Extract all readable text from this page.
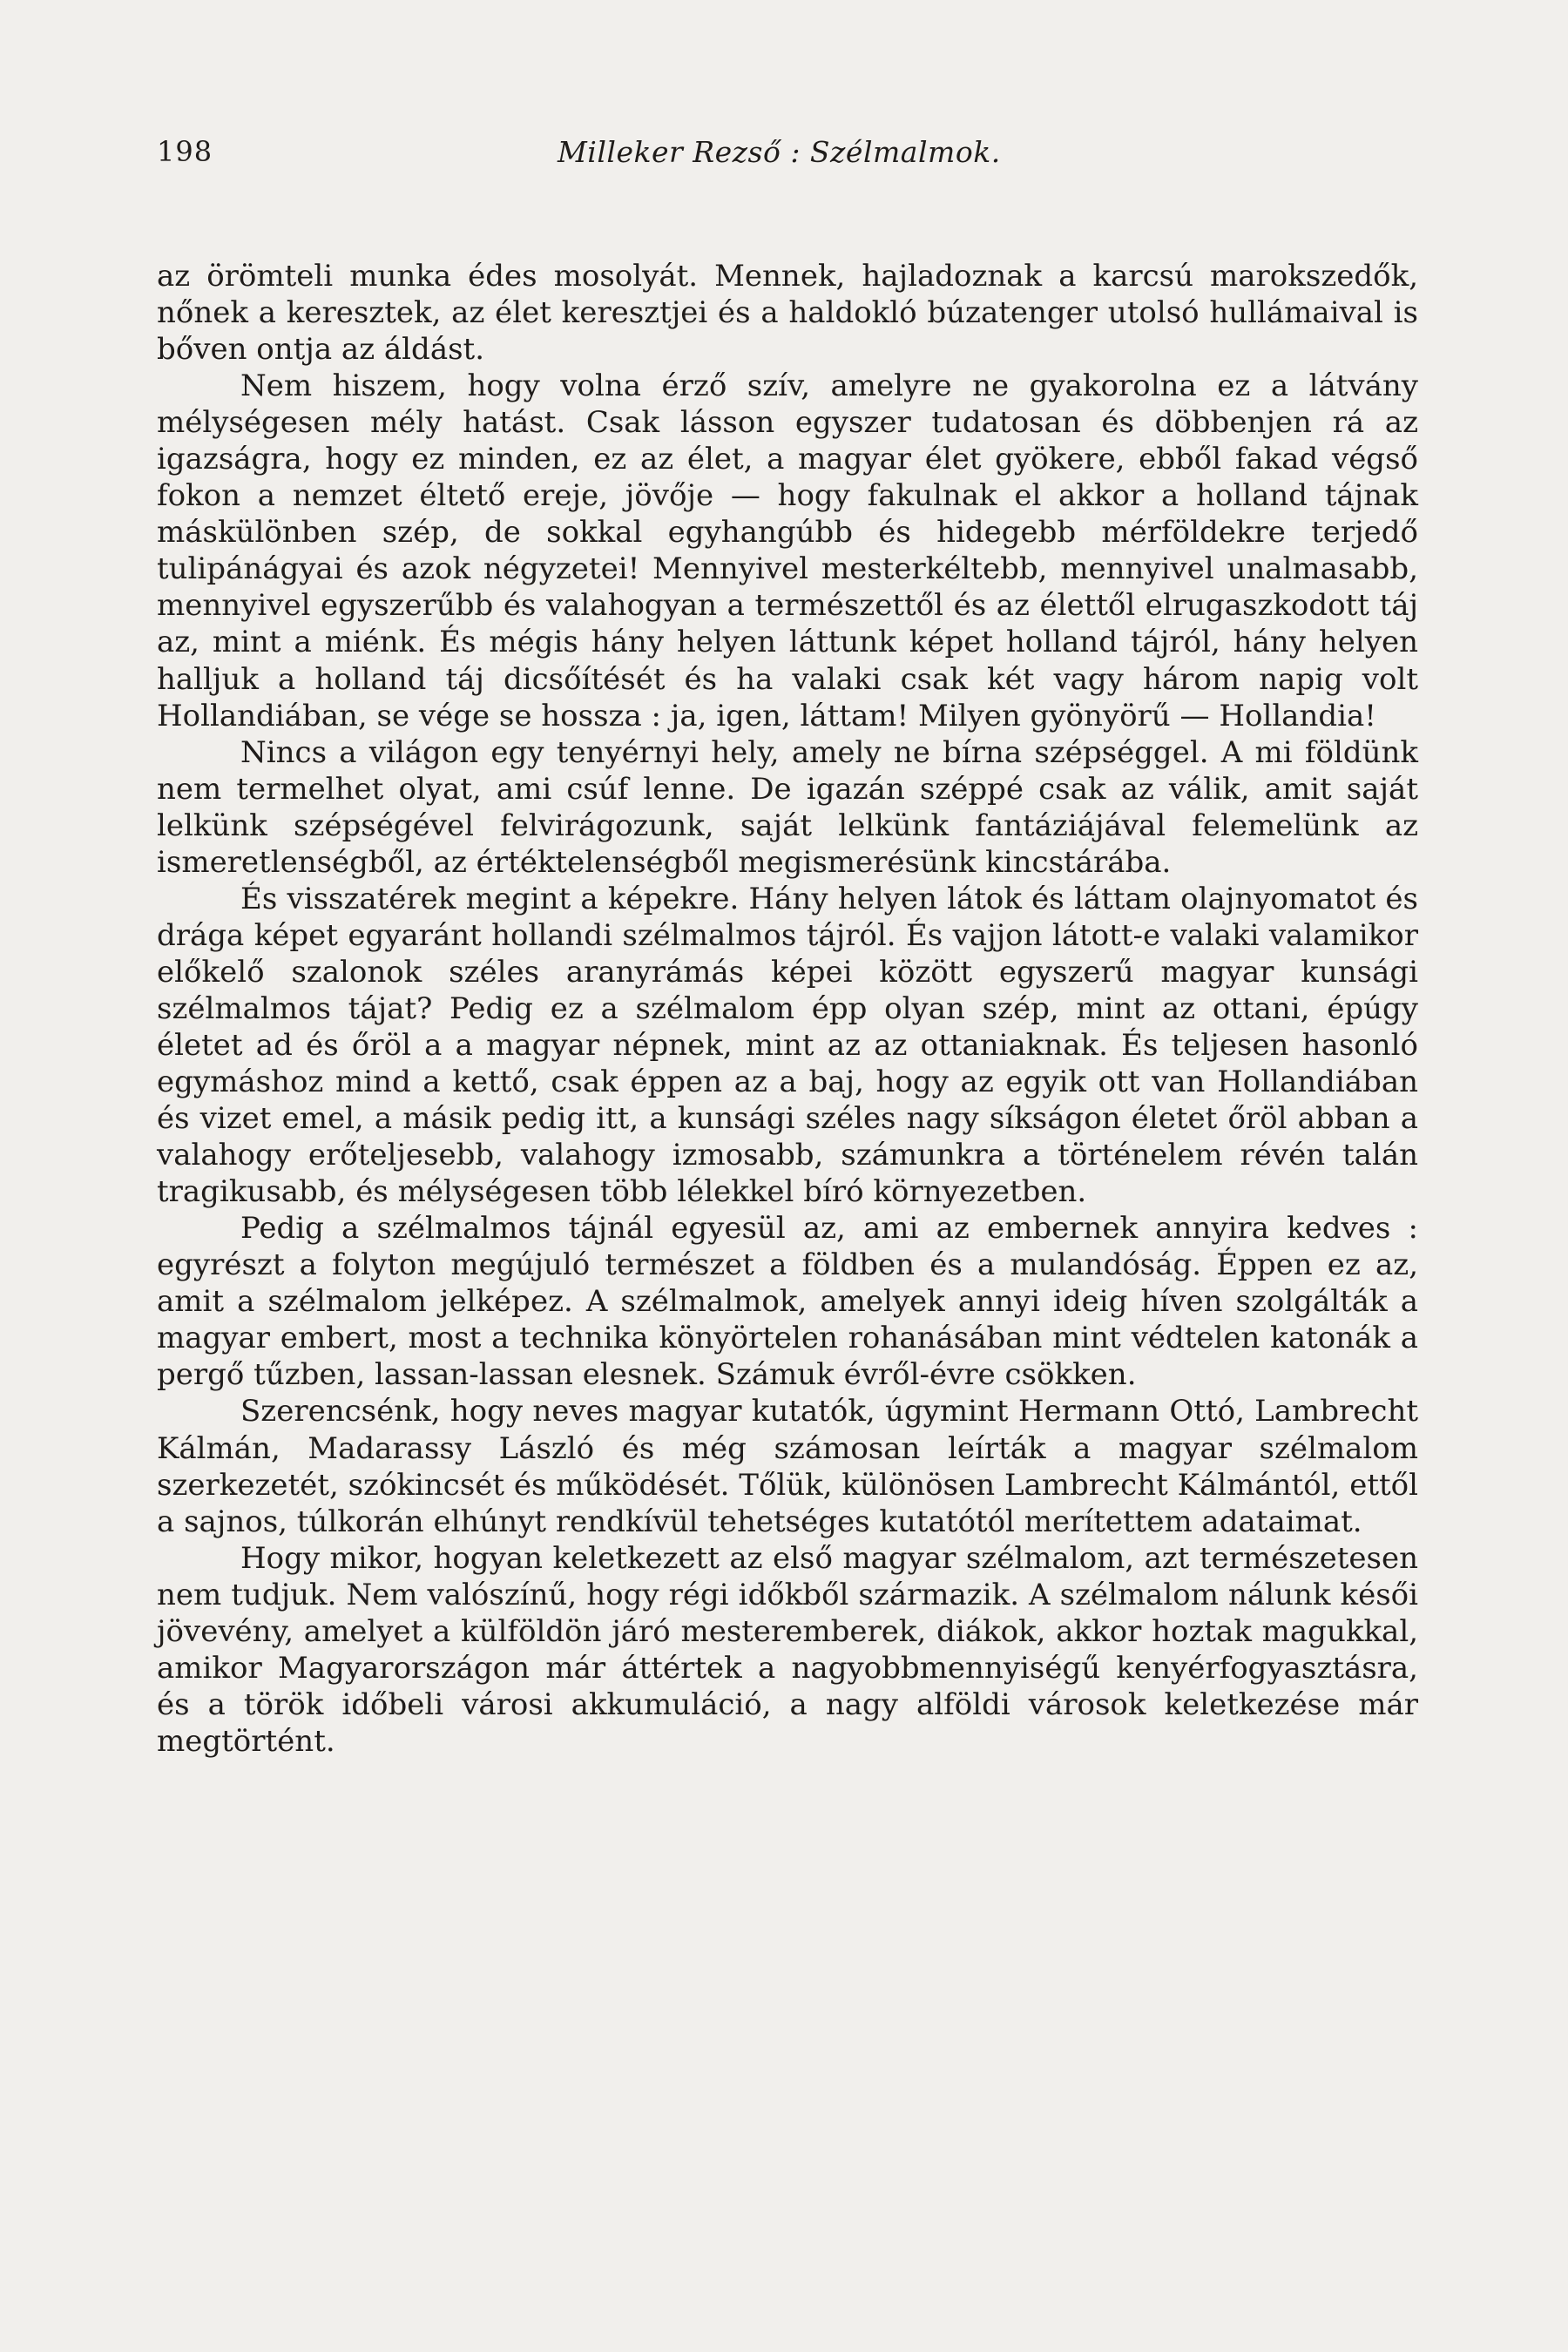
198	Milleker Rezső : Szélmalmok.

az örömteli munka édes mosolyát. Mennek, hajladoznak a karcsú marokszedők, nőnek a keresztek, az élet keresztjei és a haldokló búzatenger utolsó hullámaival is bőven ontja az áldást.

Nem hiszem, hogy volna érző szív, amelyre ne gyakorolna ez a látvány mélységesen mély hatást. Csak lásson egyszer tudatosan és döbbenjen rá az igazságra, hogy ez minden, ez az élet, a magyar élet gyökere, ebből fakad végső fokon a nemzet éltető ereje, jövője — hogy fakulnak el akkor a holland tájnak máskülönben szép, de sokkal egyhangúbb és hidegebb mérföldekre terjedő tulipánágyai és azok négyzetei! Mennyivel mesterkéltebb, mennyivel unalmasabb, mennyivel egyszerűbb és valahogyan a természettől és az élettől elrugaszkodott táj az, mint a miénk. És mégis hány helyen láttunk képet holland tájról, hány helyen halljuk a holland táj dicsőítését és ha valaki csak két vagy három napig volt Hollandiában, se vége se hossza : ja, igen, láttam! Milyen gyönyörű — Hollandia!

Nincs a világon egy tenyérnyi hely, amely ne bírna szépséggel. A mi földünk nem termelhet olyat, ami csúf lenne. De igazán széppé csak az válik, amit saját lelkünk szépségével felvirágozunk, saját lelkünk fantáziájával felemelünk az ismeretlenségből, az értéktelenségből megismerésünk kincstárába.

És visszatérek megint a képekre. Hány helyen látok és láttam olajnyomatot és drága képet egyaránt hollandi szélmalmos tájról. És vajjon látott-e valaki valamikor előkelő szalonok széles aranyrámás képei között egyszerű magyar kunsági szélmalmos tájat? Pedig ez a szélmalom épp olyan szép, mint az ottani, épúgy életet ad és őröl a a magyar népnek, mint az az ottaniaknak. És teljesen hasonló egymáshoz mind a kettő, csak éppen az a baj, hogy az egyik ott van Hollandiában és vizet emel, a másik pedig itt, a kunsági széles nagy síkságon életet őröl abban a valahogy erőteljesebb, valahogy izmosabb, számunkra a történelem révén talán tragikusabb, és mélységesen több lélekkel bíró környezetben.

Pedig a szélmalmos tájnál egyesül az, ami az embernek annyira kedves : egyrészt a folyton megújuló természet a földben és a mulandóság. Éppen ez az, amit a szélmalom jelképez. A szélmalmok, amelyek annyi ideig híven szolgálták a magyar embert, most a technika könyörtelen rohanásában mint védtelen katonák a pergő tűzben, lassan-lassan elesnek. Számuk évről-évre csökken.

Szerencsénk, hogy neves magyar kutatók, úgymint Hermann Ottó, Lambrecht Kálmán, Madarassy László és még számosan leírták a magyar szélmalom szerkezetét, szókincsét és működését. Tőlük, különösen Lambrecht Kálmántól, ettől a sajnos, túlkorán elhúnyt rendkívül tehetséges kutatótól merítettem adataimat.

Hogy mikor, hogyan keletkezett az első magyar szélmalom, azt természetesen nem tudjuk. Nem valószínű, hogy régi időkből származik. A szélmalom nálunk késői jövevény, amelyet a külföldön járó mesteremberek, diákok, akkor hoztak magukkal, amikor Magyarországon már áttértek a nagyobbmennyiségű kenyérfogyasztásra, és a török időbeli városi akkumuláció, a nagy alföldi városok keletkezése már megtörtént.
